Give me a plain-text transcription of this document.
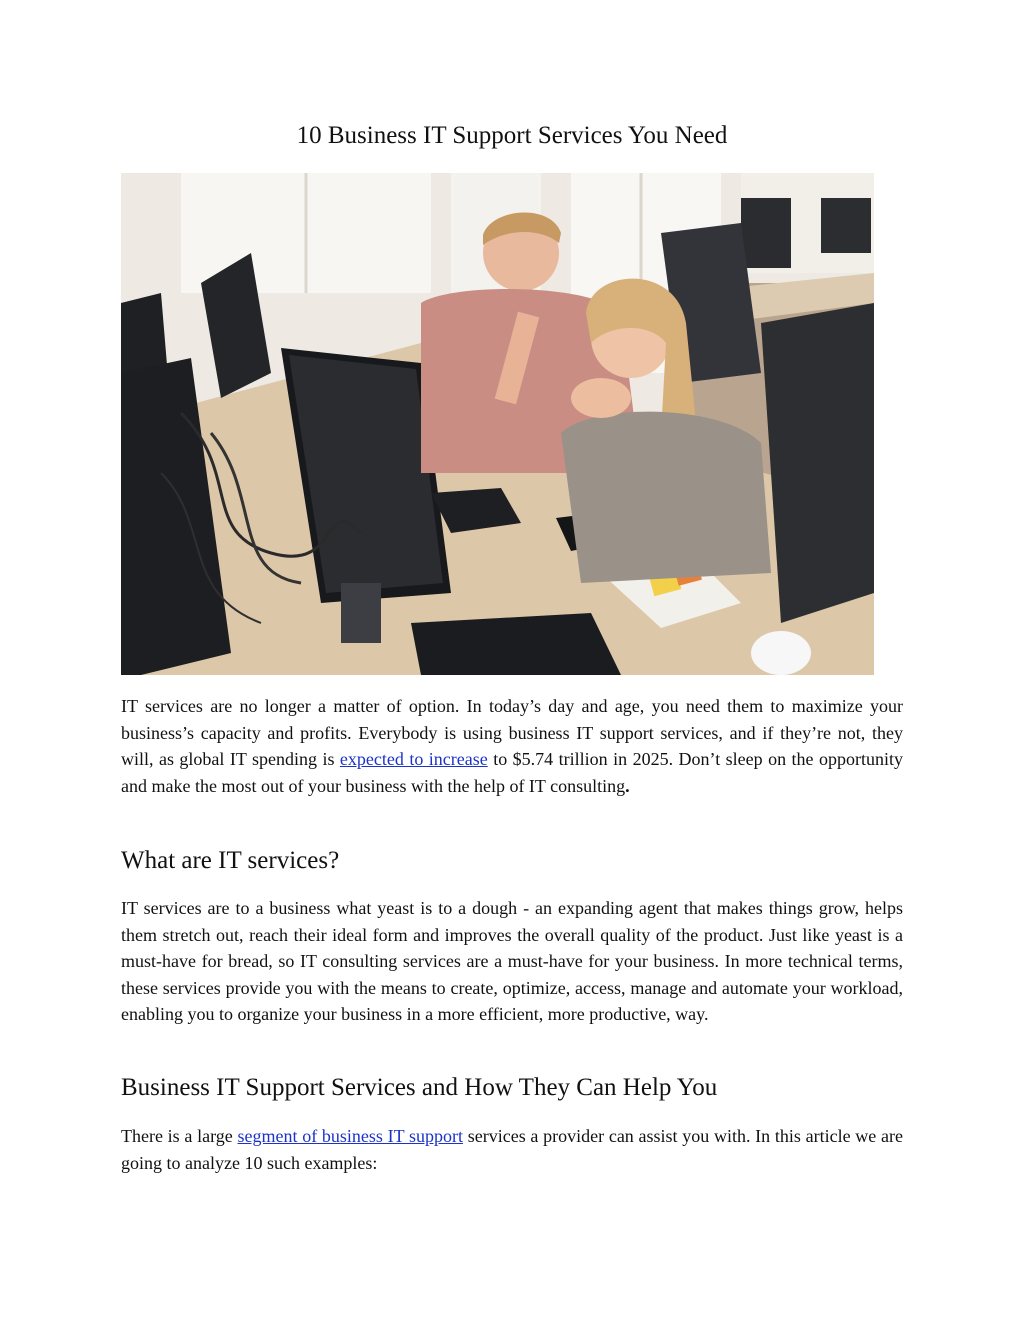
10 Business IT Support Services You Need

IT services are no longer a matter of option. In today’s day and age, you need them to maximize your business’s capacity and profits. Everybody is using business IT support services, and if they’re not, they will, as global IT spending is expected to increase to $5.74 trillion in 2025. Don’t sleep on the opportunity and make the most out of your business with the help of IT consulting.

What are IT services?

IT services are to a business what yeast is to a dough - an expanding agent that makes things grow, helps them stretch out, reach their ideal form and improves the overall quality of the product. Just like yeast is a must-have for bread, so IT consulting services are a must-have for your business. In more technical terms, these services provide you with the means to create, optimize, access, manage and automate your workload, enabling you to organize your business in a more efficient, more productive, way.

Business IT Support Services and How They Can Help You

There is a large segment of business IT support services a provider can assist you with. In this article we are going to analyze 10 such examples:
